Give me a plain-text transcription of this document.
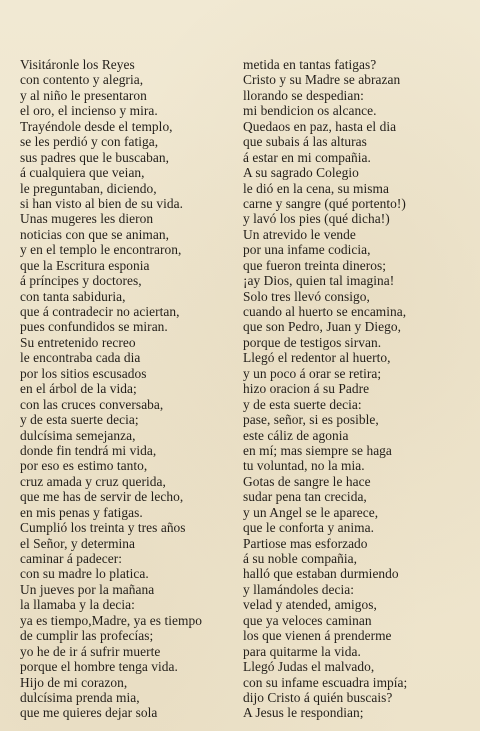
Visitáronle los Reyes
con contento y alegria,
y al niño le presentaron
el oro, el incienso y mira.
Trayéndole desde el templo,
se les perdió y con fatiga,
sus padres que le buscaban,
á cualquiera que veian,
le preguntaban, diciendo,
si han visto al bien de su vida.
Unas mugeres les dieron
noticias con que se animan,
y en el templo le encontraron,
que la Escritura esponia
á príncipes y doctores,
con tanta sabiduria,
que á contradecir no aciertan,
pues confundidos se miran.
Su entretenido recreo
le encontraba cada dia
por los sitios escusados
en el árbol de la vida;
con las cruces conversaba,
y de esta suerte decia;
dulcísima semejanza,
donde fin tendrá mi vida,
por eso es estimo tanto,
cruz amada y cruz querida,
que me has de servir de lecho,
en mis penas y fatigas.
Cumplió los treinta y tres años
el Señor, y determina
caminar á padecer:
con su madre lo platica.
Un jueves por la mañana
la llamaba y la decia:
ya es tiempo,Madre, ya es tiempo
de cumplir las profecías;
yo he de ir á sufrir muerte
porque el hombre tenga vida.
Hijo de mi corazon,
dulcísima prenda mia,
que me quieres dejar sola
metida en tantas fatigas?
Cristo y su Madre se abrazan
llorando se despedian:
mi bendicion os alcance.
Quedaos en paz, hasta el dia
que subais á las alturas
á estar en mi compañia.
A su sagrado Colegio
le dió en la cena, su misma
carne y sangre (qué portento!)
y lavó los pies (qué dicha!)
Un atrevido le vende
por una infame codicia,
que fueron treinta dineros;
¡ay Dios, quien tal imagina!
Solo tres llevó consigo,
cuando al huerto se encamina,
que son Pedro, Juan y Diego,
porque de testigos sirvan.
Llegó el redentor al huerto,
y un poco á orar se retira;
hizo oracion á su Padre
y de esta suerte decia:
pase, señor, si es posible,
este cáliz de agonia
en mí; mas siempre se haga
tu voluntad, no la mia.
Gotas de sangre le hace
sudar pena tan crecida,
y un Angel se le aparece,
que le conforta y anima.
Partiose mas esforzado
á su noble compañia,
halló que estaban durmiendo
y llamándoles decia:
velad y atended, amigos,
que ya veloces caminan
los que vienen á prenderme
para quitarme la vida.
Llegó Judas el malvado,
con su infame escuadra impía;
dijo Cristo á quién buscais?
A Jesus le respondian;
